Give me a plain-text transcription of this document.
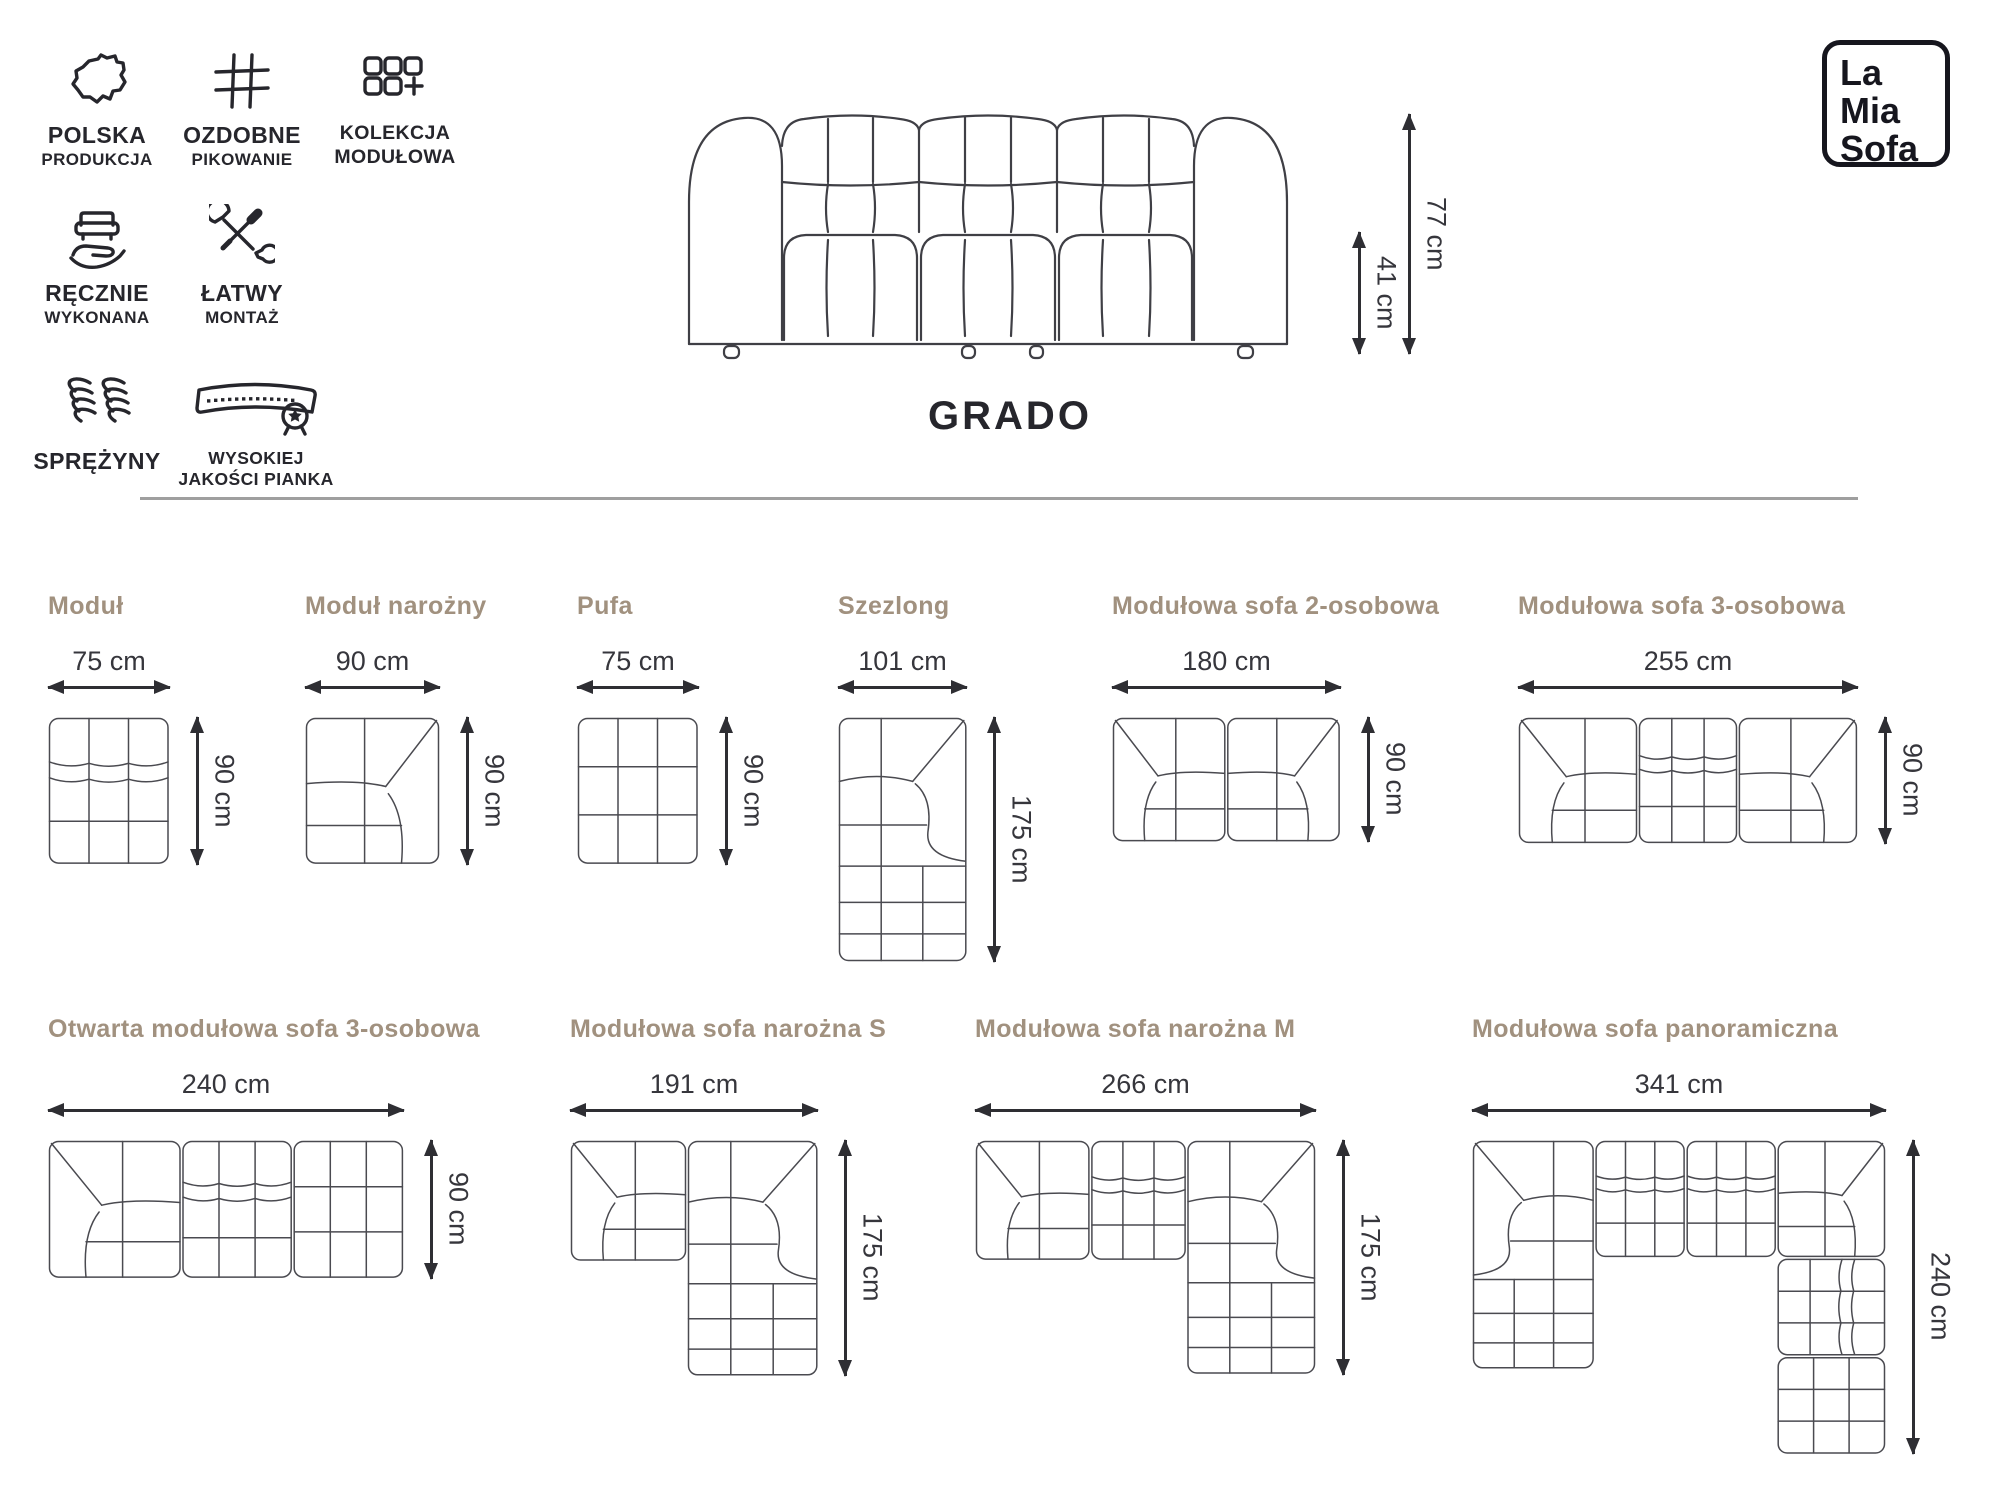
POLSKA
PRODUKCJA
OZDOBNE
PIKOWANIE
KOLEKCJA
MODUŁOWA
RĘCZNIE
WYKONANA
ŁATWY
MONTAŻ
SPRĘŻYNY	WYSOKIEJ
JAKOŚCI PIANKA
41 cm
77 cm
GRADO
La
Mia
Sofa
Moduł
75 cm
90 cm
Moduł narożny
90 cm
90 cm
Pufa
75 cm
90 cm
Szezlong
101 cm
175 cm
Modułowa sofa 2-osobowa
180 cm
90 cm
Modułowa sofa 3-osobowa
255 cm
90 cm
Otwarta modułowa sofa 3-osobowa
240 cm
90 cm
Modułowa sofa narożna S
191 cm
175 cm
Modułowa sofa narożna M
266 cm
175 cm
Modułowa sofa panoramiczna
341 cm
240 cm
